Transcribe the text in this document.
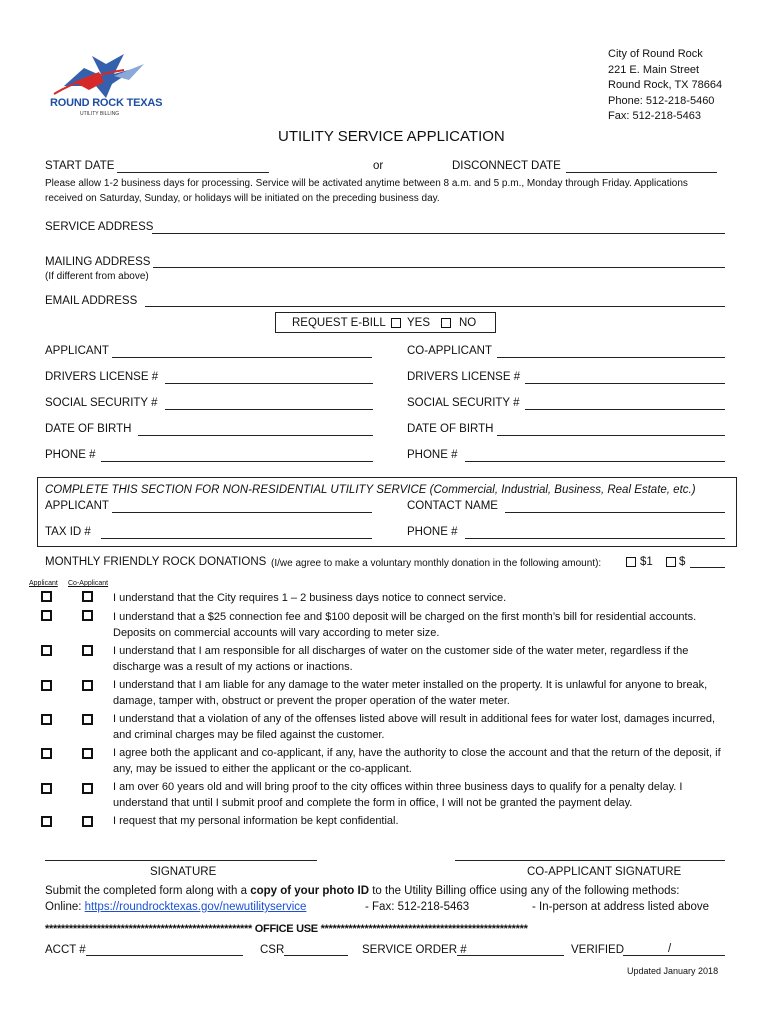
ROUND ROCK TEXAS
UTILITY BILLING
City of Round Rock
221 E. Main Street
Round Rock, TX 78664
Phone: 512-218-5460
Fax: 512-218-5463
UTILITY SERVICE APPLICATION
START DATE	or	DISCONNECT DATE
Please allow 1-2 business days for processing. Service will be activated anytime between 8 a.m. and 5 p.m., Monday through Friday. Applications
received on Saturday, Sunday, or holidays will be initiated on the preceding business day.
SERVICE ADDRESS
MAILING ADDRESS
(If different from above)
EMAIL ADDRESS
REQUEST E-BILL YES	NO
APPLICANT	CO-APPLICANT
DRIVERS LICENSE #	DRIVERS LICENSE #
SOCIAL SECURITY #	SOCIAL SECURITY #
DATE OF BIRTH	DATE OF BIRTH
PHONE #	PHONE #
COMPLETE THIS SECTION FOR NON-RESIDENTIAL UTILITY SERVICE (Commercial, Industrial, Business, Real Estate, etc.)
APPLICANT	CONTACT NAME
TAX ID #	PHONE #
MONTHLY FRIENDLY ROCK DONATIONS (I/we agree to make a voluntary monthly donation in the following amount):	$1 $
Applicant Co-Applicant
I understand that the City requires 1 – 2 business days notice to connect service.
I understand that a $25 connection fee and $100 deposit will be charged on the first month’s bill for residential accounts. Deposits on commercial accounts will vary according to meter size.
I understand that I am responsible for all discharges of water on the customer side of the water meter, regardless if the discharge was a result of my actions or inactions.
I understand that I am liable for any damage to the water meter installed on the property. It is unlawful for anyone to break, damage, tamper with, obstruct or prevent the proper operation of the water meter.
I understand that a violation of any of the offenses listed above will result in additional fees for water lost, damages incurred, and criminal charges may be filed against the customer.
I agree both the applicant and co-applicant, if any, have the authority to close the account and that the return of the deposit, if any, may be issued to either the applicant or the co-applicant.
I am over 60 years old and will bring proof to the city offices within three business days to qualify for a penalty delay. I understand that until I submit proof and complete the form in office, I will not be granted the payment delay.
I request that my personal information be kept confidential.
SIGNATURE	CO-APPLICANT SIGNATURE
Submit the completed form along with a copy of your photo ID to the Utility Billing office using any of the following methods:
Online: https://roundrocktexas.gov/newutilityservice	- Fax: 512-218-5463	- In-person at address listed above
**************************************************** OFFICE USE ****************************************************
ACCT #	CSR	SERVICE ORDER #	VERIFIED	/
Updated January 2018
